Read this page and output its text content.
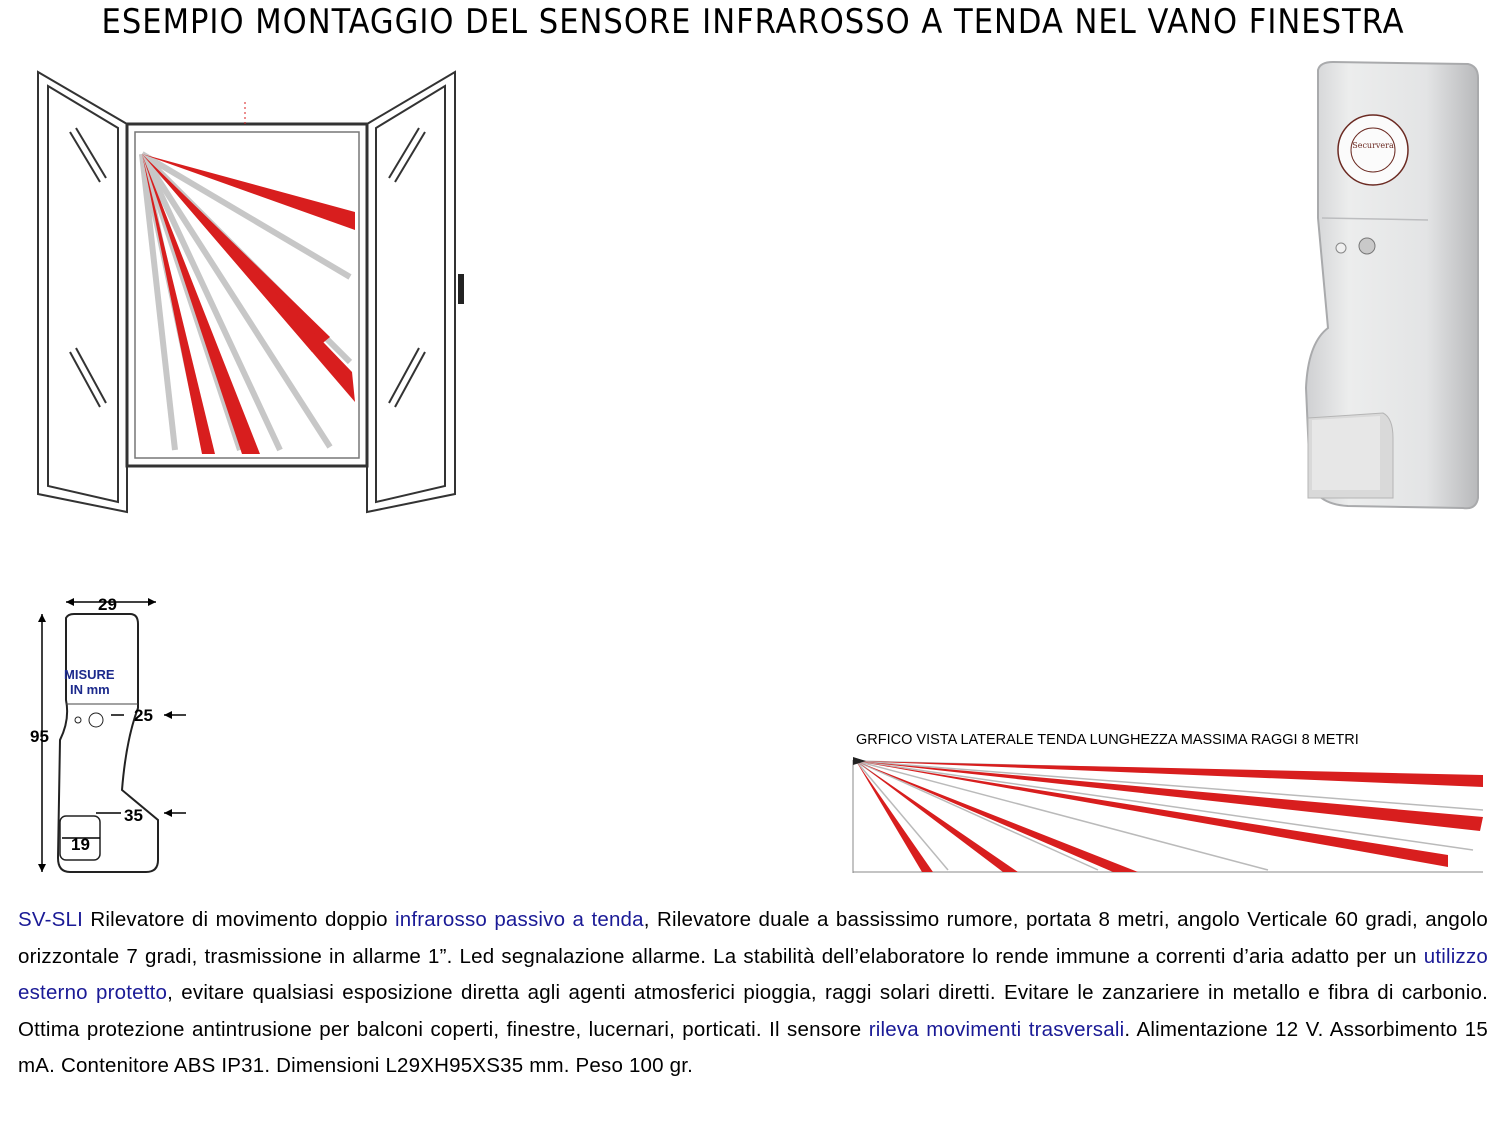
ESEMPIO MONTAGGIO DEL SENSORE INFRAROSSO A TENDA NEL VANO FINESTRA
Securvera
29
95
25
35
19
MISURE
IN mm
GRFICO VISTA LATERALE TENDA LUNGHEZZA MASSIMA RAGGI 8 METRI
SV-SLI Rilevatore di movimento doppio infrarosso passivo a tenda, Rilevatore duale a bassissimo rumore, portata 8 metri, angolo Verticale 60 gradi, angolo orizzontale 7 gradi, trasmissione in allarme 1”. Led segnalazione allarme. La stabilità dell’elaboratore lo rende immune a correnti d’aria adatto per un utilizzo esterno protetto, evitare qualsiasi esposizione diretta agli agenti atmosferici pioggia, raggi solari diretti. Evitare le zanzariere in metallo e fibra di carbonio. Ottima protezione antintrusione per balconi coperti, finestre, lucernari, porticati. Il sensore rileva movimenti trasversali. Alimentazione 12 V. Assorbimento 15 mA. Contenitore ABS IP31. Dimensioni L29XH95XS35 mm. Peso 100 gr.
